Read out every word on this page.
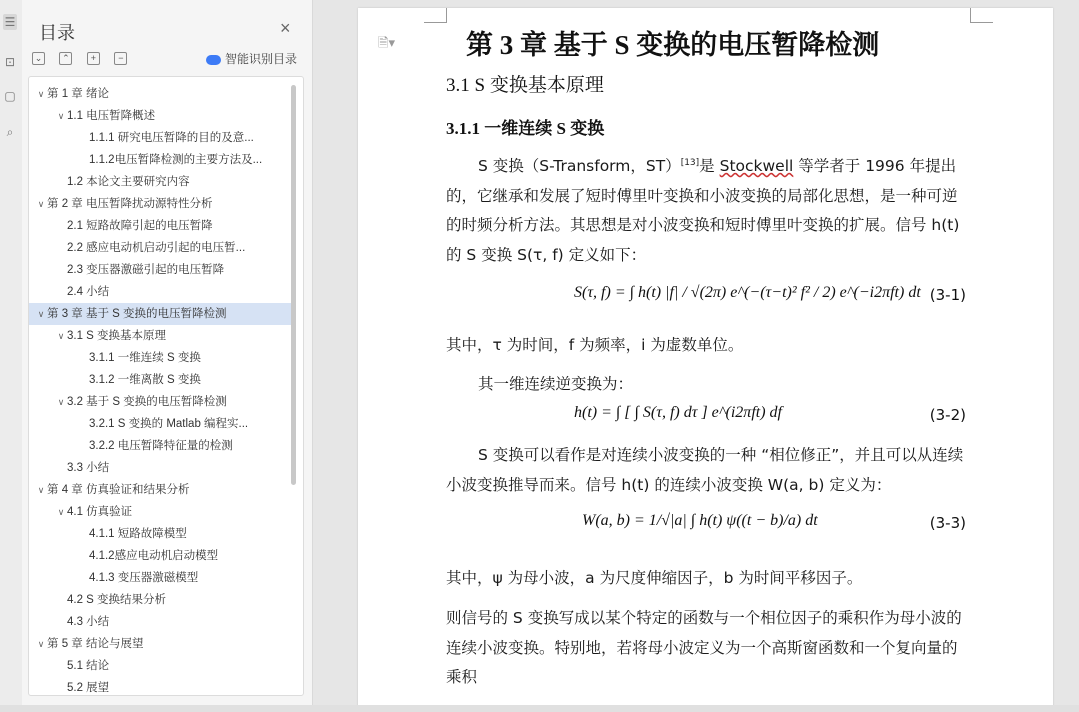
☰
⊡
▢
⌕
目录	×
⌄ ⌃ + −	智能识别目录
∨ 第 1 章 绪论
∨ 1.1 电压暂降概述
1.1.1 研究电压暂降的目的及意...
1.1.2电压暂降检测的主要方法及...
1.2 本论文主要研究内容
∨ 第 2 章 电压暂降扰动源特性分析
2.1 短路故障引起的电压暂降
2.2 感应电动机启动引起的电压暂...
2.3 变压器激磁引起的电压暂降
2.4 小结
∨ 第 3 章 基于 S 变换的电压暂降检测
∨ 3.1 S 变换基本原理
3.1.1 一维连续 S 变换
3.1.2 一维离散 S 变换
∨ 3.2 基于 S 变换的电压暂降检测
3.2.1 S 变换的 Matlab 编程实...
3.2.2 电压暂降特征量的检测
3.3 小结
∨ 第 4 章 仿真验证和结果分析
∨ 4.1 仿真验证
4.1.1 短路故障模型
4.1.2感应电动机启动模型
4.1.3 变压器激磁模型
4.2 S 变换结果分析
4.3 小结
∨ 第 5 章 结论与展望
5.1 结论
5.2 展望
🗎▾	第 3 章 基于 S 变换的电压暂降检测
3.1 S 变换基本原理
3.1.1 一维连续 S 变换
S 变换（S-Transform，ST）[13]是 Stockwell 等学者于 1996 年提出的，它继承和发展了短时傅里叶变换和小波变换的局部化思想，是一种可逆的时频分析方法。其思想是对小波变换和短时傅里叶变换的扩展。信号 h(t) 的 S 变换 S(τ, f) 定义如下：
S(τ, f) = ∫ h(t) |f| / √(2π) e^(−(τ−t)² f² / 2) e^(−i2πft) dt (3-1)
其中，τ 为时间，f 为频率，i 为虚数单位。
其一维连续逆变换为：
h(t) = ∫ [ ∫ S(τ, f) dτ ] e^(i2πft) df	(3-2)
S 变换可以看作是对连续小波变换的一种 “相位修正”，并且可以从连续小波变换推导而来。信号 h(t) 的连续小波变换 W(a, b) 定义为：
W(a, b) = 1/√|a| ∫ h(t) ψ((t − b)/a) dt	(3-3)
其中，ψ 为母小波，a 为尺度伸缩因子，b 为时间平移因子。
则信号的 S 变换写成以某个特定的函数与一个相位因子的乘积作为母小波的连续小波变换。特别地，若将母小波定义为一个高斯窗函数和一个复向量的乘积
